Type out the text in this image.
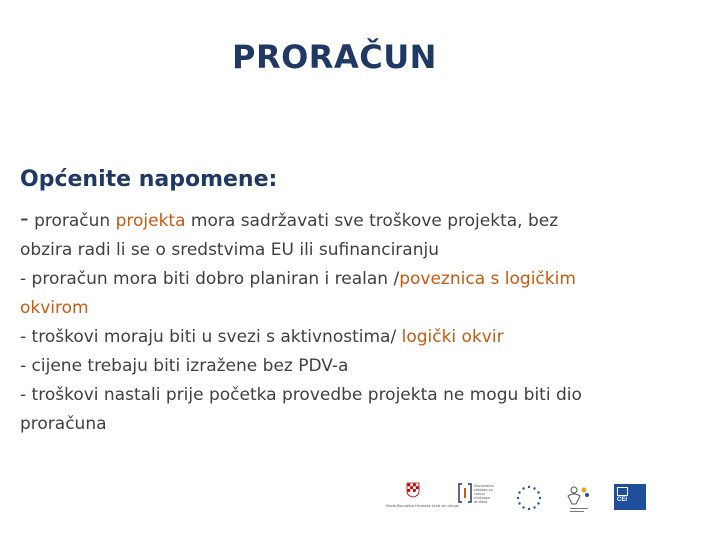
PRORAČUN
Općenite napomene:
- proračun projekta mora sadržavati sve troškove projekta, bez
obzira radi li se o sredstvima EU ili sufinanciranju
- proračun mora biti dobro planiran i realan /poveznica s logičkim
okvirom
- troškovi moraju biti u svezi s aktivnostima/ logički okvir
- cijene trebaju biti izražene bez PDV-a
- troškovi nastali prije početka provedbe projekta ne mogu biti dio
proračuna
Vlada Republike Hrvatske Ured za udruge
Nacionalna zaklada za razvoj civilnoga društva	CEI
